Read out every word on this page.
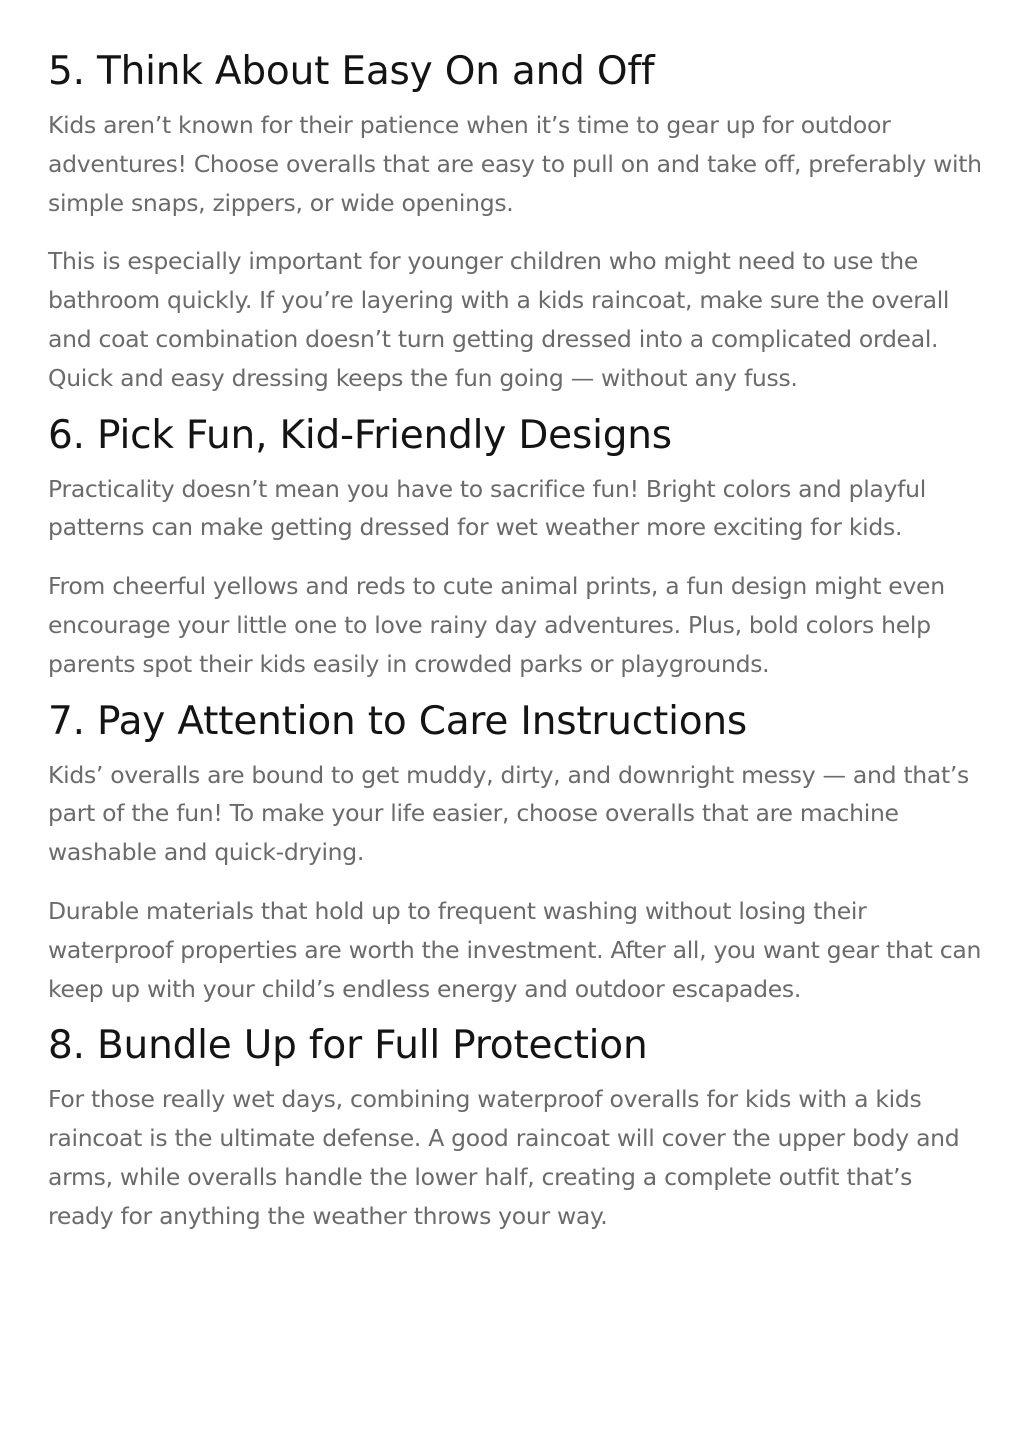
5. Think About Easy On and Off

Kids aren’t known for their patience when it’s time to gear up for outdoor adventures! Choose overalls that are easy to pull on and take off, preferably with simple snaps, zippers, or wide openings.

This is especially important for younger children who might need to use the bathroom quickly. If you’re layering with a kids raincoat, make sure the overall and coat combination doesn’t turn getting dressed into a complicated ordeal. Quick and easy dressing keeps the fun going — without any fuss.

6. Pick Fun, Kid-Friendly Designs

Practicality doesn’t mean you have to sacrifice fun! Bright colors and playful patterns can make getting dressed for wet weather more exciting for kids.

From cheerful yellows and reds to cute animal prints, a fun design might even encourage your little one to love rainy day adventures. Plus, bold colors help parents spot their kids easily in crowded parks or playgrounds.

7. Pay Attention to Care Instructions

Kids’ overalls are bound to get muddy, dirty, and downright messy — and that’s part of the fun! To make your life easier, choose overalls that are machine washable and quick-drying.

Durable materials that hold up to frequent washing without losing their waterproof properties are worth the investment. After all, you want gear that can keep up with your child’s endless energy and outdoor escapades.

8. Bundle Up for Full Protection

For those really wet days, combining waterproof overalls for kids with a kids raincoat is the ultimate defense. A good raincoat will cover the upper body and arms, while overalls handle the lower half, creating a complete outfit that’s ready for anything the weather throws your way.
